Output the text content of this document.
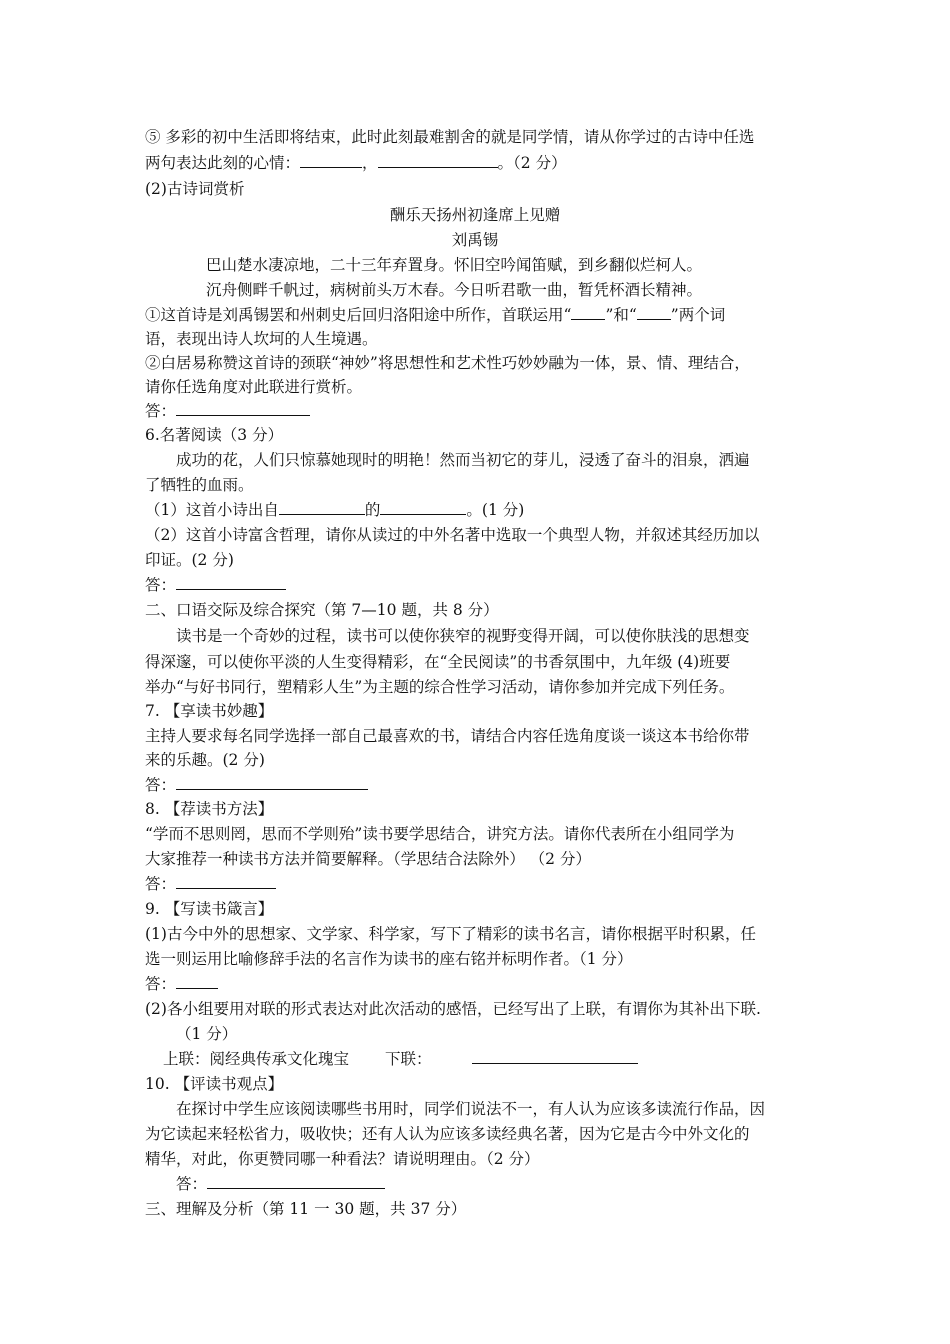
⑤ 多彩的初中生活即将结束，此时此刻最难割舍的就是同学情，请从你学过的古诗中任选
两句表达此刻的心情：	，	。（2 分）
(2)古诗词赏析
酬乐天扬州初逢席上见赠
刘禹锡
巴山楚水凄凉地，二十三年弃置身。怀旧空吟闻笛赋，到乡翻似烂柯人。
沉舟侧畔千帆过，病树前头万木春。今日听君歌一曲，暂凭杯酒长精神。
①这首诗是刘禹锡罢和州刺史后回归洛阳途中所作，首联运用“ ”和“ ”两个词
语，表现出诗人坎坷的人生境遇。
②白居易称赞这首诗的颈联“神妙”将思想性和艺术性巧妙妙融为一体，景、情、理结合，
请你任选角度对此联进行赏析。
答：
6.名著阅读（3 分）
成功的花，人们只惊慕她现时的明艳！然而当初它的芽儿，浸透了奋斗的泪泉，洒遍
了牺牲的血雨。
（1）这首小诗出自	的	。(1 分)
（2）这首小诗富含哲理，请你从读过的中外名著中选取一个典型人物，并叙述其经历加以
印证。(2 分)
答：
二、口语交际及综合探究（第 7—10 题，共 8 分）
读书是一个奇妙的过程，读书可以使你狭窄的视野变得开阔，可以使你肤浅的思想变
得深邃，可以使你平淡的人生变得精彩，在“全民阅读”的书香氛围中，九年级 (4)班要
举办“与好书同行，塑精彩人生”为主题的综合性学习活动，请你参加并完成下列任务。
7. 【享读书妙趣】
主持人要求每名同学选择一部自己最喜欢的书，请结合内容任选角度谈一谈这本书给你带
来的乐趣。(2 分)
答：
8. 【荐读书方法】
“学而不思则罔，思而不学则殆”读书要学思结合，讲究方法。请你代表所在小组同学为
大家推荐一种读书方法并简要解释。（学思结合法除外） （2 分）
答：
9. 【写读书箴言】
(1)古今中外的思想家、文学家、科学家，写下了精彩的读书名言，请你根据平时积累，任
选一则运用比喻修辞手法的名言作为读书的座右铭并标明作者。（1 分）
答：
(2)各小组要用对联的形式表达对此次活动的感悟，已经写出了上联，有谓你为其补出下联.
（1 分）
上联：阅经典传承文化瑰宝 下联：
10. 【评读书观点】
在探讨中学生应该阅读哪些书用时，同学们说法不一，有人认为应该多读流行作品，因
为它读起来轻松省力，吸收快；还有人认为应该多读经典名著，因为它是古今中外文化的
精华，对此，你更赞同哪一种看法？请说明理由。（2 分）
答：
三、理解及分析（第 11 一 30 题，共 37 分）
